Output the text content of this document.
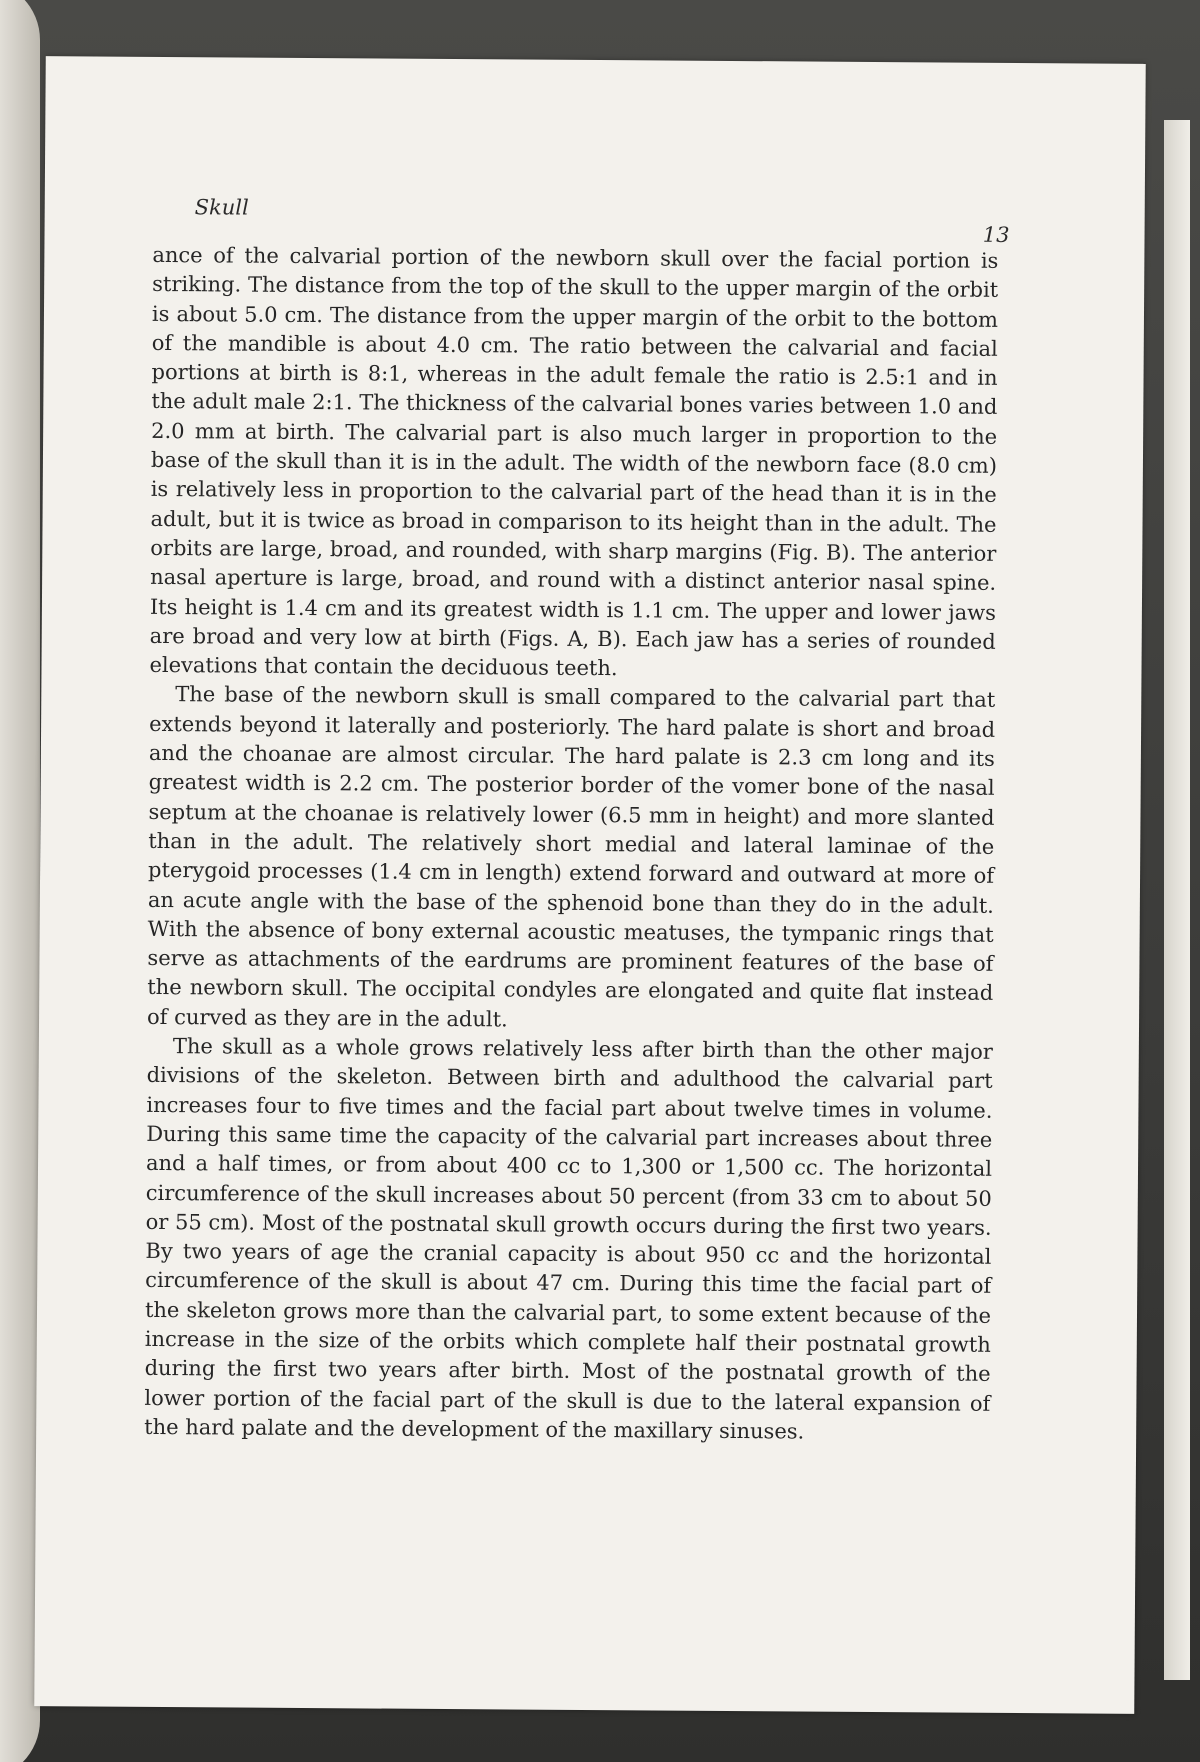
Skull
13

ance of the calvarial portion of the newborn skull over the facial portion is striking. The distance from the top of the skull to the upper margin of the orbit is about 5.0 cm. The distance from the upper margin of the orbit to the bottom of the mandible is about 4.0 cm. The ratio between the calvarial and facial portions at birth is 8:1, whereas in the adult female the ratio is 2.5:1 and in the adult male 2:1. The thickness of the calvarial bones varies between 1.0 and 2.0 mm at birth. The calvarial part is also much larger in proportion to the base of the skull than it is in the adult. The width of the newborn face (8.0 cm) is relatively less in proportion to the calvarial part of the head than it is in the adult, but it is twice as broad in comparison to its height than in the adult. The orbits are large, broad, and rounded, with sharp margins (Fig. B). The anterior nasal aperture is large, broad, and round with a distinct anterior nasal spine. Its height is 1.4 cm and its greatest width is 1.1 cm. The upper and lower jaws are broad and very low at birth (Figs. A, B). Each jaw has a series of rounded elevations that contain the deciduous teeth.

The base of the newborn skull is small compared to the calvarial part that extends beyond it laterally and posteriorly. The hard palate is short and broad and the choanae are almost circular. The hard palate is 2.3 cm long and its greatest width is 2.2 cm. The posterior border of the vomer bone of the nasal septum at the choanae is relatively lower (6.5 mm in height) and more slanted than in the adult. The relatively short medial and lateral laminae of the pterygoid processes (1.4 cm in length) extend forward and outward at more of an acute angle with the base of the sphenoid bone than they do in the adult. With the absence of bony external acoustic meatuses, the tympanic rings that serve as attachments of the eardrums are prominent features of the base of the newborn skull. The occipital condyles are elongated and quite flat instead of curved as they are in the adult.

The skull as a whole grows relatively less after birth than the other major divisions of the skeleton. Between birth and adulthood the calvarial part increases four to five times and the facial part about twelve times in volume. During this same time the capacity of the calvarial part increases about three and a half times, or from about 400 cc to 1,300 or 1,500 cc. The horizontal circumference of the skull increases about 50 percent (from 33 cm to about 50 or 55 cm). Most of the postnatal skull growth occurs during the first two years. By two years of age the cranial capacity is about 950 cc and the horizontal circumference of the skull is about 47 cm. During this time the facial part of the skeleton grows more than the calvarial part, to some extent because of the increase in the size of the orbits which complete half their postnatal growth during the first two years after birth. Most of the postnatal growth of the lower portion of the facial part of the skull is due to the lateral expansion of the hard palate and the development of the maxillary sinuses.
